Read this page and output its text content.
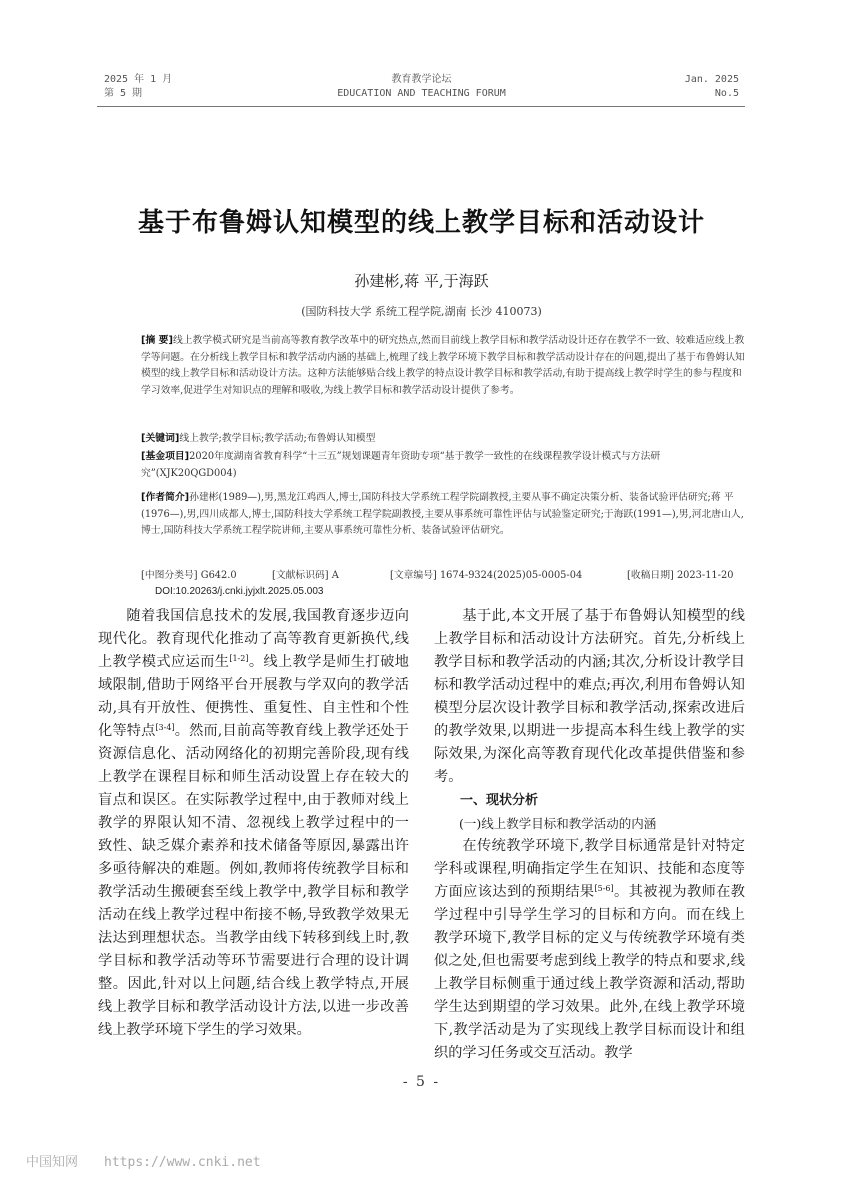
2025 年 1 月
第 5 期
教育教学论坛
EDUCATION AND TEACHING FORUM
Jan. 2025
No.5
基于布鲁姆认知模型的线上教学目标和活动设计
孙建彬,蒋 平,于海跃
(国防科技大学 系统工程学院,湖南 长沙 410073)
[摘 要]线上教学模式研究是当前高等教育教学改革中的研究热点,然而目前线上教学目标和教学活动设计还存在教学不一致、较难适应线上教学等问题。在分析线上教学目标和教学活动内涵的基础上,梳理了线上教学环境下教学目标和教学活动设计存在的问题,提出了基于布鲁姆认知模型的线上教学目标和活动设计方法。这种方法能够贴合线上教学的特点设计教学目标和教学活动,有助于提高线上教学时学生的参与程度和学习效率,促进学生对知识点的理解和吸收,为线上教学目标和教学活动设计提供了参考。
[关键词]线上教学;教学目标;教学活动;布鲁姆认知模型
[基金项目]2020年度湖南省教育科学“十三五”规划课题青年资助专项“基于教学一致性的在线课程教学设计模式与方法研究”(XJK20QGD004)
[作者简介]孙建彬(1989—),男,黑龙江鸡西人,博士,国防科技大学系统工程学院副教授,主要从事不确定决策分析、装备试验评估研究;蒋 平(1976—),男,四川成都人,博士,国防科技大学系统工程学院副教授,主要从事系统可靠性评估与试验鉴定研究;于海跃(1991—),男,河北唐山人,博士,国防科技大学系统工程学院讲师,主要从事系统可靠性分析、装备试验评估研究。
[中图分类号] G642.0	[文献标识码] A	[文章编号] 1674-9324(2025)05-0005-04	[收稿日期] 2023-11-20
DOI:10.20263/j.cnki.jyjxlt.2025.05.003

随着我国信息技术的发展,我国教育逐步迈向现代化。教育现代化推动了高等教育更新换代,线上教学模式应运而生[1-2]。线上教学是师生打破地域限制,借助于网络平台开展教与学双向的教学活动,具有开放性、便携性、重复性、自主性和个性化等特点[3-4]。然而,目前高等教育线上教学还处于资源信息化、活动网络化的初期完善阶段,现有线上教学在课程目标和师生活动设置上存在较大的盲点和误区。在实际教学过程中,由于教师对线上教学的界限认知不清、忽视线上教学过程中的一致性、缺乏媒介素养和技术储备等原因,暴露出许多亟待解决的难题。例如,教师将传统教学目标和教学活动生搬硬套至线上教学中,教学目标和教学活动在线上教学过程中衔接不畅,导致教学效果无法达到理想状态。当教学由线下转移到线上时,教学目标和教学活动等环节需要进行合理的设计调整。因此,针对以上问题,结合线上教学特点,开展线上教学目标和教学活动设计方法,以进一步改善线上教学环境下学生的学习效果。

基于此,本文开展了基于布鲁姆认知模型的线上教学目标和活动设计方法研究。首先,分析线上教学目标和教学活动的内涵;其次,分析设计教学目标和教学活动过程中的难点;再次,利用布鲁姆认知模型分层次设计教学目标和教学活动,探索改进后的教学效果,以期进一步提高本科生线上教学的实际效果,为深化高等教育现代化改革提供借鉴和参考。

一、现状分析
(一)线上教学目标和教学活动的内涵

在传统教学环境下,教学目标通常是针对特定学科或课程,明确指定学生在知识、技能和态度等方面应该达到的预期结果[5-6]。其被视为教师在教学过程中引导学生学习的目标和方向。而在线上教学环境下,教学目标的定义与传统教学环境有类似之处,但也需要考虑到线上教学的特点和要求,线上教学目标侧重于通过线上教学资源和活动,帮助学生达到期望的学习效果。此外,在线上教学环境下,教学活动是为了实现线上教学目标而设计和组织的学习任务或交互活动。教学

- 5 -
中国知网 https://www.cnki.net
